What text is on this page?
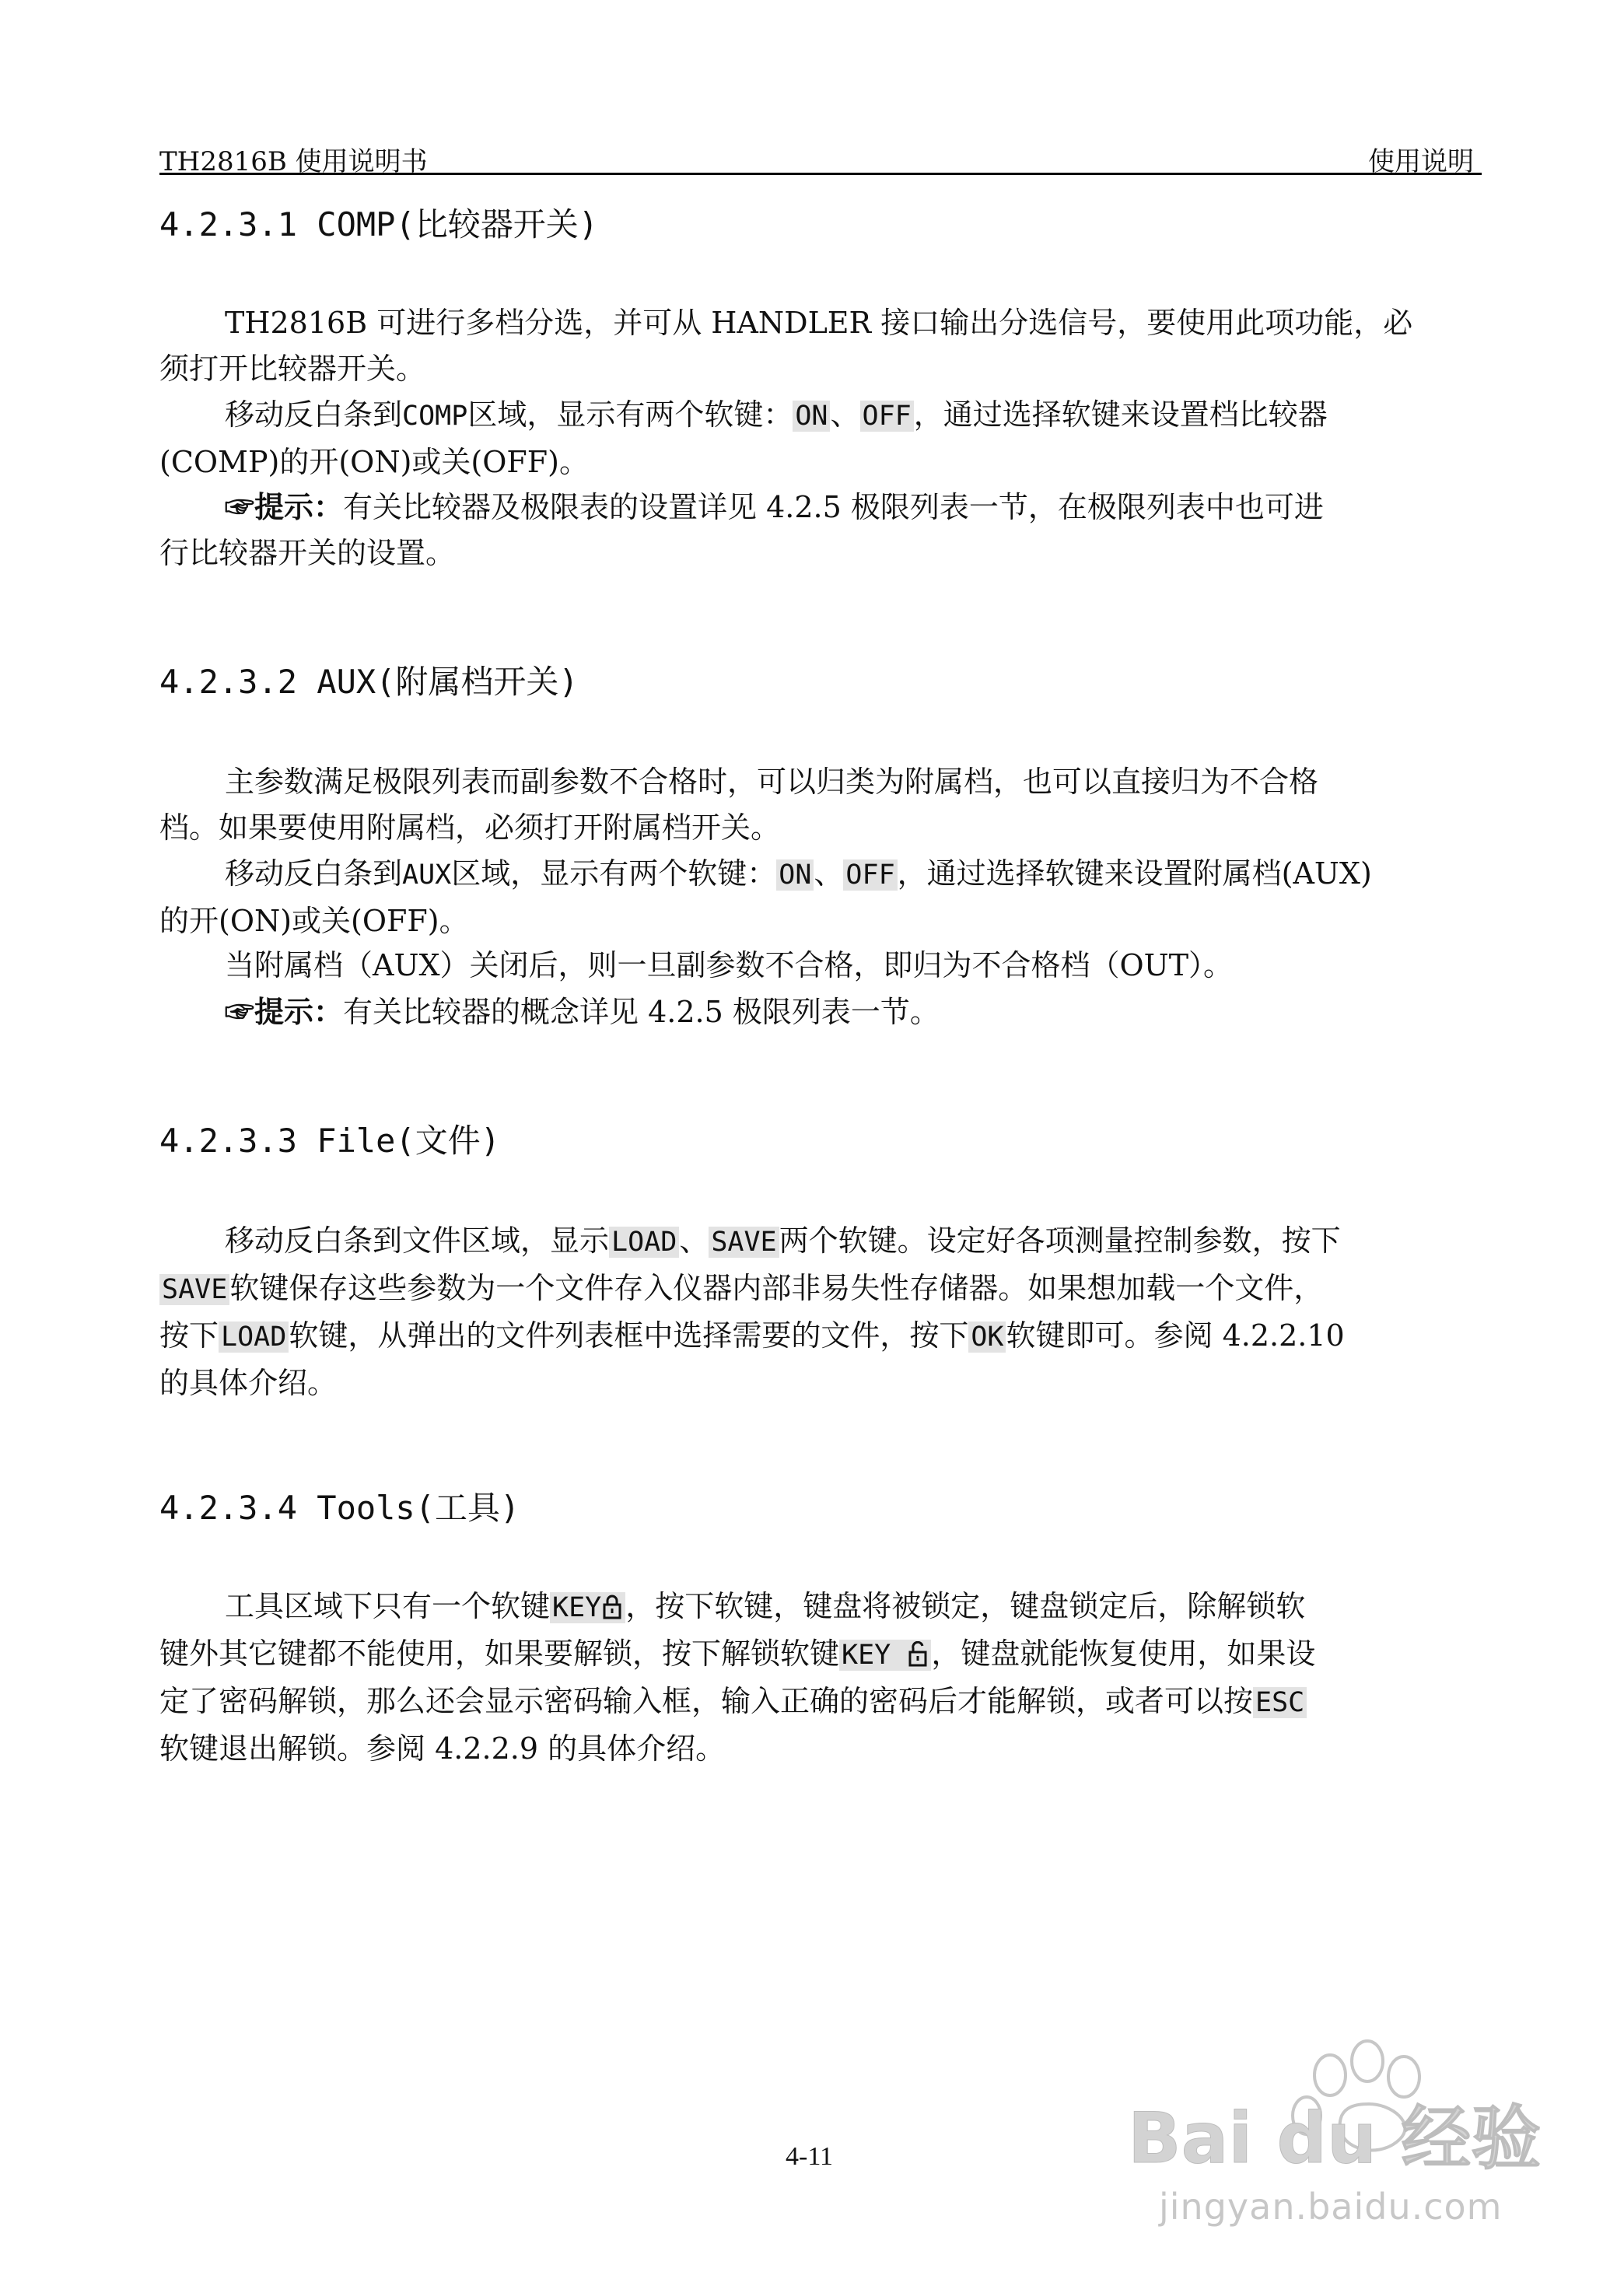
TH2816B 使用说明书	使用说明
4.2.3.1 COMP(比较器开关)
TH2816B 可进行多档分选，并可从 HANDLER 接口输出分选信号，要使用此项功能，必
须打开比较器开关。
移动反白条到COMP区域，显示有两个软键：ON、OFF，通过选择软键来设置档比较器
(COMP)的开(ON)或关(OFF)。
☞提示：有关比较器及极限表的设置详见 4.2.5 极限列表一节，在极限列表中也可进
行比较器开关的设置。
4.2.3.2 AUX(附属档开关)
主参数满足极限列表而副参数不合格时，可以归类为附属档，也可以直接归为不合格
档。如果要使用附属档，必须打开附属档开关。
移动反白条到AUX区域，显示有两个软键：ON、OFF，通过选择软键来设置附属档(AUX)
的开(ON)或关(OFF)。
当附属档（AUX）关闭后，则一旦副参数不合格，即归为不合格档（OUT）。
☞提示：有关比较器的概念详见 4.2.5 极限列表一节。
4.2.3.3 File(文件)
移动反白条到文件区域，显示LOAD、SAVE两个软键。设定好各项测量控制参数，按下
SAVE软键保存这些参数为一个文件存入仪器内部非易失性存储器。如果想加载一个文件，
按下LOAD软键，从弹出的文件列表框中选择需要的文件，按下OK软键即可。参阅 4.2.2.10
的具体介绍。
4.2.3.4 Tools(工具)
工具区域下只有一个软键KEY ，按下软键，键盘将被锁定，键盘锁定后，除解锁软
键外其它键都不能使用，如果要解锁，按下解锁软键KEY ，键盘就能恢复使用，如果设
定了密码解锁，那么还会显示密码输入框，输入正确的密码后才能解锁，或者可以按ESC
软键退出解锁。参阅 4.2.2.9 的具体介绍。
4-11	Bai du 经验
jingyan.baidu.com
